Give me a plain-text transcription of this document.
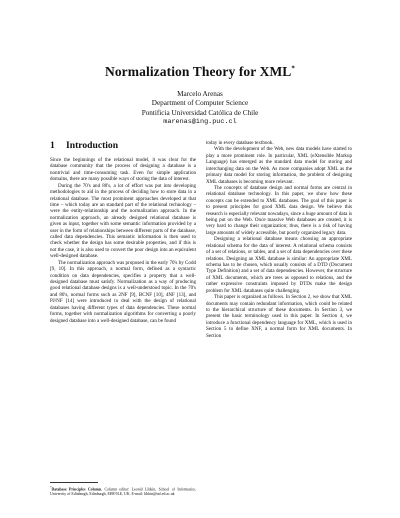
Normalization Theory for XML*
Marcelo Arenas
Department of Computer Science
Pontificia Universidad Católica de Chile
marenas@ing.puc.cl
1 Introduction

Since the beginnings of the relational model, it was clear for the database community that the process of designing a database is a nontrivial and time-consuming task. Even for simple application domains, there are many possible ways of storing the data of interest.

During the 70's and 80's, a lot of effort was put into developing methodologies to aid in the process of deciding how to store data in a relational database. The most prominent approaches developed at that time – which today are an standard part of the relational technology – were the entity-relationship and the normalization approach. In the normalization approach, an already designed relational database is given as input, together with some semantic information provided by a user in the form of relationships between different parts of the database, called data dependencies. This semantic information is then used to check whether the design has some desirable properties, and if this is not the case, it is also used to convert the poor design into an equivalent well-designed database.

The normalization approach was proposed in the early 70's by Codd [9, 10]. In this approach, a normal form, defined as a syntactic condition on data dependencies, specifies a property that a well-designed database must satisfy. Normalization as a way of producing good relational database designs is a well-understood topic. In the 70's and 80's, normal forms such as 2NF [9], BCNF [10], 4NF [13], and PJ/NF [14] were introduced to deal with the design of relational databases having different types of data dependencies. These normal forms, together with normalization algorithms for converting a poorly designed database into a well-designed database, can be found

today in every database textbook.

With the development of the Web, new data models have started to play a more prominent role. In particular, XML (eXtensible Markup Language) has emerged as the standard data model for storing and interchanging data on the Web. As more companies adopt XML as the primary data model for storing information, the problem of designing XML databases is becoming more relevant.

The concepts of database design and normal forms are central in relational database technology. In this paper, we show how these concepts can be extended to XML databases. The goal of this paper is to present principles for good XML data design. We believe this research is especially relevant nowadays, since a huge amount of data is being put on the Web. Once massive Web databases are created, it is very hard to change their organization; thus, there is a risk of having large amounts of widely accessible, but poorly organized legacy data.

Designing a relational database means choosing an appropriate relational schema for the data of interest. A relational schema consists of a set of relations, or tables, and a set of data dependencies over these relations. Designing an XML database is similar: An appropriate XML schema has to be chosen, which usually consists of a DTD (Document Type Definition) and a set of data dependencies. However, the structure of XML documents, which are trees as opposed to relations, and the rather expressive constraints imposed by DTDs make the design problem for XML databases quite challenging.

This paper is organized as follows. In Section 2, we show that XML documents may contain redundant information, which could be related to the hierarchical structure of these documents. In Section 3, we present the basic terminology used in this paper. In Section 4, we introduce a functional dependency language for XML, which is used in Section 5 to define XNF, a normal form for XML documents. In Section

*Database Principles Column. Column editor: Leonid Libkin, School of Informatics, University of Edinburgh, Edinburgh, EH8 9LE, UK. E-mail: libkin@inf.ed.ac.uk
